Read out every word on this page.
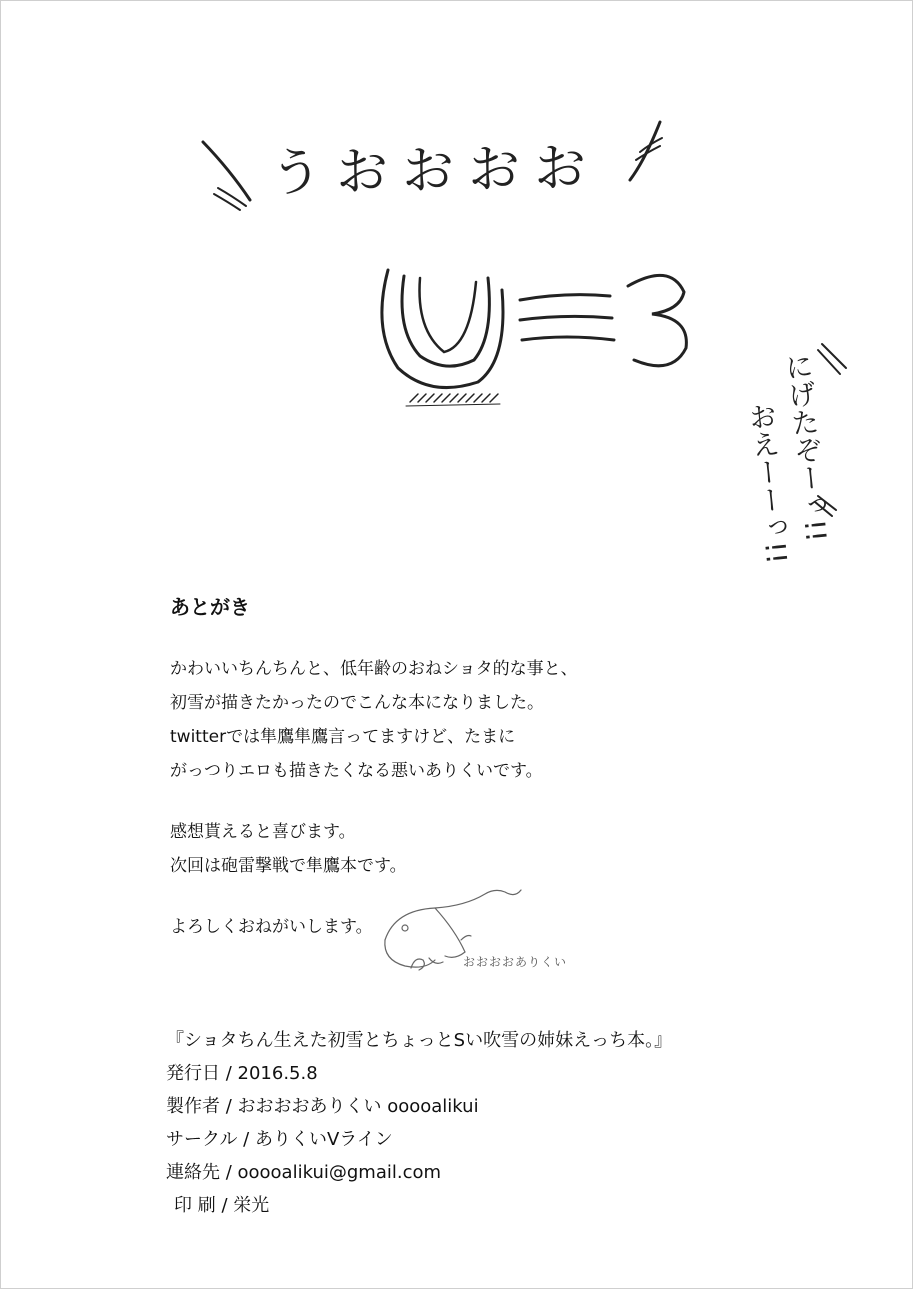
うおおおお
にげたぞーっ!!
おえーーっ!!
あとがき
かわいいちんちんと、低年齢のおねショタ的な事と、
初雪が描きたかったのでこんな本になりました。
twitterでは隼鷹隼鷹言ってますけど、たまに
がっつりエロも描きたくなる悪いありくいです。
感想貰えると喜びます。
次回は砲雷撃戦で隼鷹本です。
よろしくおねがいします。
おおおおありくい
『ショタちん生えた初雪とちょっとSい吹雪の姉妹えっち本。』
発行日 / 2016.5.8
製作者 / おおおおありくい ooooalikui
サークル / ありくいVライン
連絡先 / ooooalikui@gmail.com
印 刷 / 栄光
